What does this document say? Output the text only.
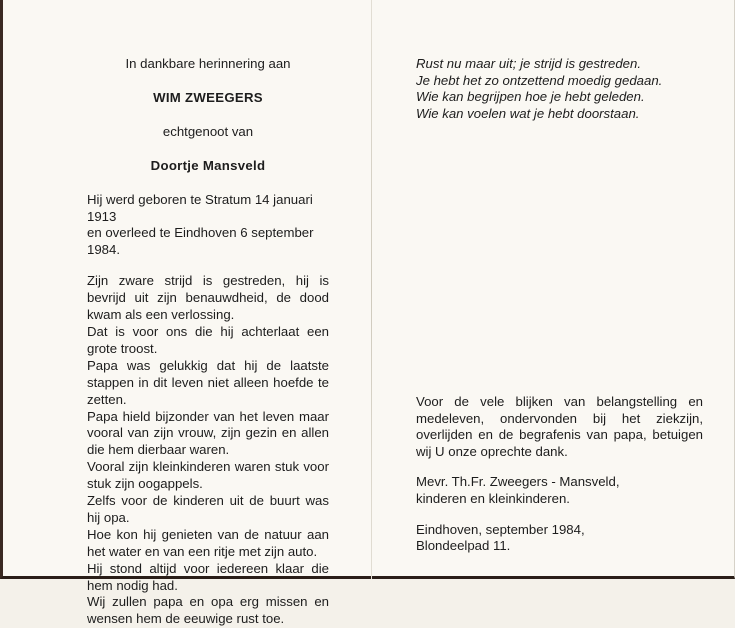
In dankbare herinnering aan
WIM ZWEEGERS
echtgenoot van
Doortje Mansveld
Hij werd geboren te Stratum 14 januari 1913
en overleed te Eindhoven 6 september 1984.
Zijn zware strijd is gestreden, hij is bevrijd uit zijn benauwdheid, de dood kwam als een verlossing.
Dat is voor ons die hij achterlaat een grote troost.
Papa was gelukkig dat hij de laatste stappen in dit leven niet alleen hoefde te zetten.
Papa hield bijzonder van het leven maar vooral van zijn vrouw, zijn gezin en allen die hem dierbaar waren.
Vooral zijn kleinkinderen waren stuk voor stuk zijn oogappels.
Zelfs voor de kinderen uit de buurt was hij opa.
Hoe kon hij genieten van de natuur aan het water en van een ritje met zijn auto.
Hij stond altijd voor iedereen klaar die hem nodig had.
Wij zullen papa en opa erg missen en wensen hem de eeuwige rust toe.
Rust nu maar uit; je strijd is gestreden.
Je hebt het zo ontzettend moedig gedaan.
Wie kan begrijpen hoe je hebt geleden.
Wie kan voelen wat je hebt doorstaan.
Voor de vele blijken van belangstelling en medeleven, ondervonden bij het ziekzijn, overlijden en de begrafenis van papa, betuigen wij U onze oprechte dank.
Mevr. Th.Fr. Zweegers - Mansveld,
kinderen en kleinkinderen.
Eindhoven, september 1984,
Blondeelpad 11.
